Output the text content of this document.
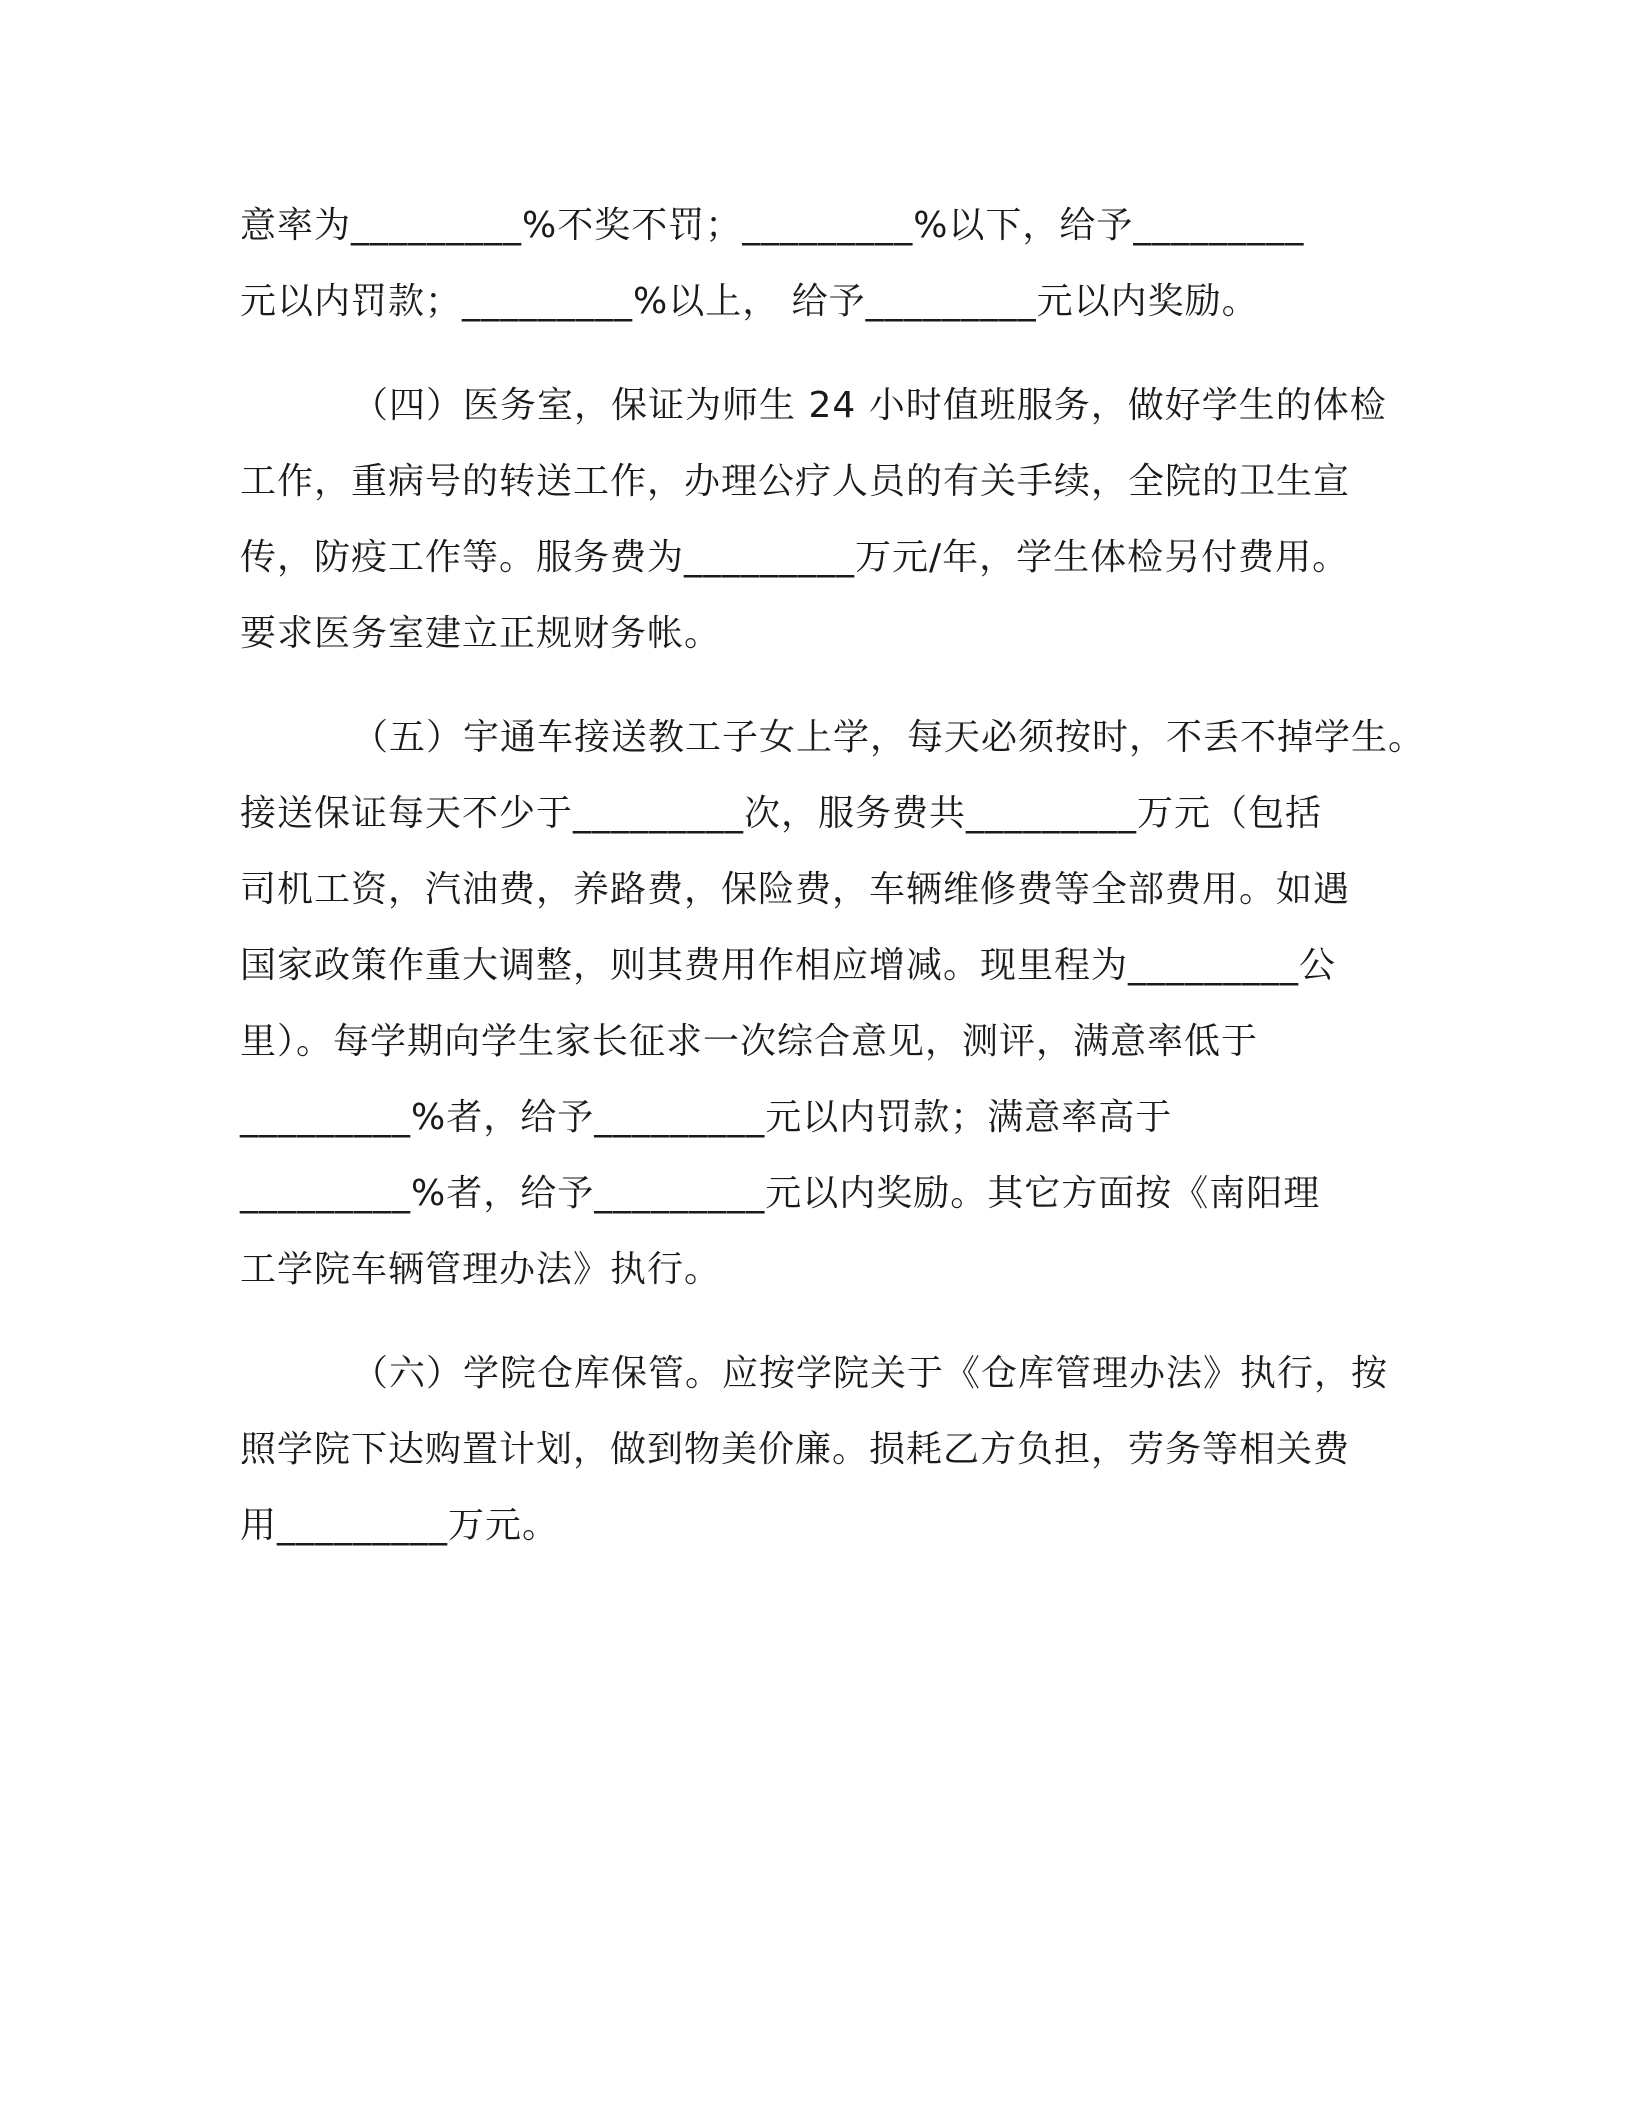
意率为_________%不奖不罚；_________%以下，给予_________
元以内罚款；_________%以上， 给予_________元以内奖励。
（四）医务室，保证为师生 24 小时值班服务，做好学生的体检
工作，重病号的转送工作，办理公疗人员的有关手续，全院的卫生宣
传，防疫工作等。服务费为_________万元/年，学生体检另付费用。
要求医务室建立正规财务帐。
（五）宇通车接送教工子女上学，每天必须按时，不丢不掉学生。
接送保证每天不少于_________次，服务费共_________万元（包括
司机工资，汽油费，养路费，保险费，车辆维修费等全部费用。如遇
国家政策作重大调整，则其费用作相应增减。现里程为_________公
里）。每学期向学生家长征求一次综合意见，测评，满意率低于
_________%者，给予_________元以内罚款；满意率高于
_________%者，给予_________元以内奖励。其它方面按《南阳理
工学院车辆管理办法》执行。
（六）学院仓库保管。应按学院关于《仓库管理办法》执行，按
照学院下达购置计划，做到物美价廉。损耗乙方负担，劳务等相关费
用_________万元。
